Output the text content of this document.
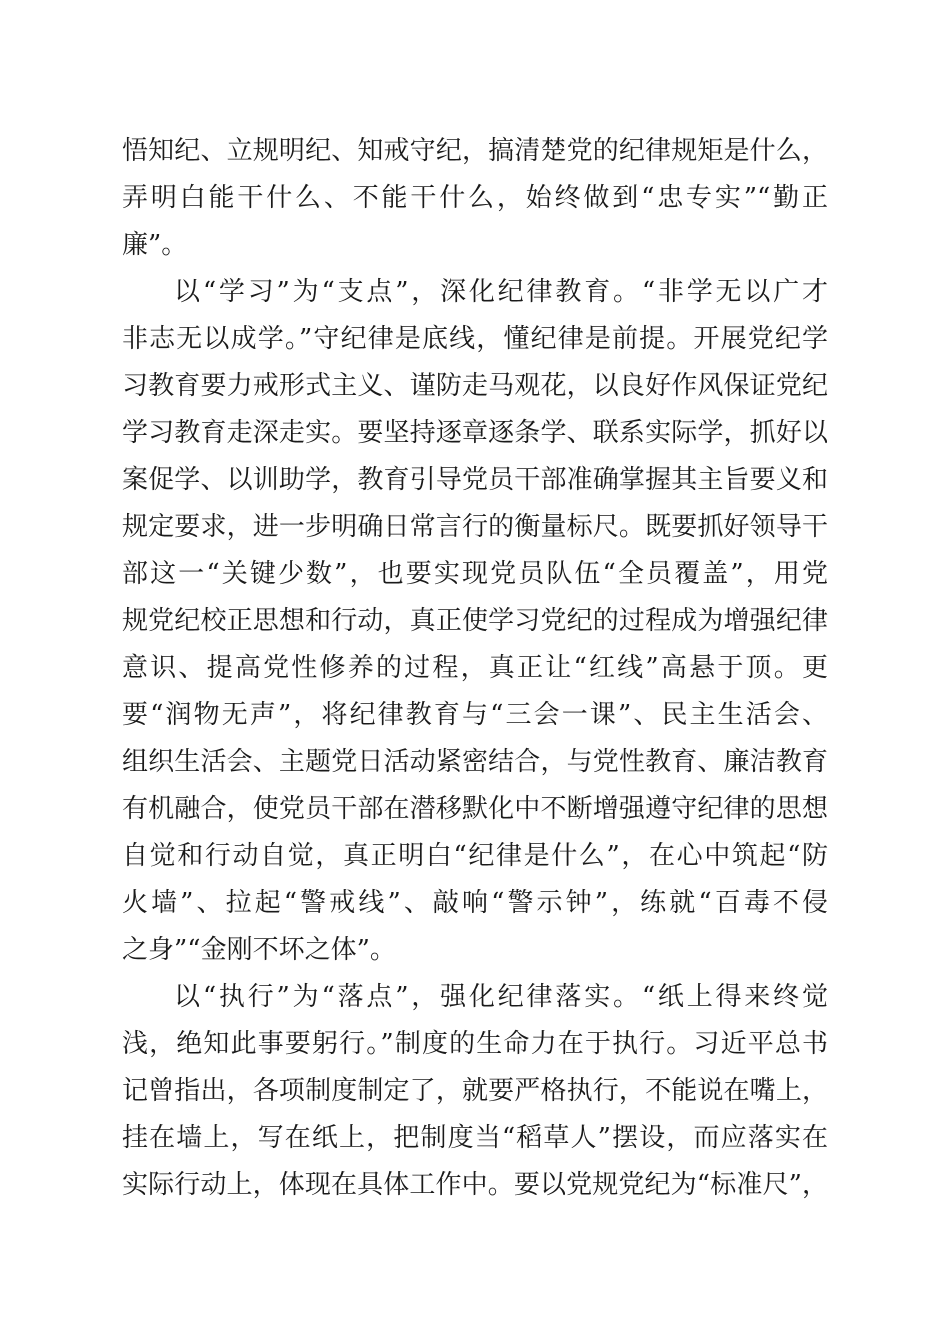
悟知纪、立规明纪、知戒守纪，搞清楚党的纪律规矩是什么，
弄明白能干什么、不能干什么，始终做到“忠专实”“勤正
廉”。
以“学习”为“支点”，深化纪律教育。“非学无以广才
非志无以成学。”守纪律是底线，懂纪律是前提。开展党纪学
习教育要力戒形式主义、谨防走马观花，以良好作风保证党纪
学习教育走深走实。要坚持逐章逐条学、联系实际学，抓好以
案促学、以训助学，教育引导党员干部准确掌握其主旨要义和
规定要求，进一步明确日常言行的衡量标尺。既要抓好领导干
部这一“关键少数”，也要实现党员队伍“全员覆盖”，用党
规党纪校正思想和行动，真正使学习党纪的过程成为增强纪律
意识、提高党性修养的过程，真正让“红线”高悬于顶。更
要“润物无声”，将纪律教育与“三会一课”、民主生活会、
组织生活会、主题党日活动紧密结合，与党性教育、廉洁教育
有机融合，使党员干部在潜移默化中不断增强遵守纪律的思想
自觉和行动自觉，真正明白“纪律是什么”，在心中筑起“防
火墙”、拉起“警戒线”、敲响“警示钟”，练就“百毒不侵
之身”“金刚不坏之体”。
以“执行”为“落点”，强化纪律落实。“纸上得来终觉
浅，绝知此事要躬行。”制度的生命力在于执行。习近平总书
记曾指出，各项制度制定了，就要严格执行，不能说在嘴上，
挂在墙上，写在纸上，把制度当“稻草人”摆设，而应落实在
实际行动上，体现在具体工作中。要以党规党纪为“标准尺”，
